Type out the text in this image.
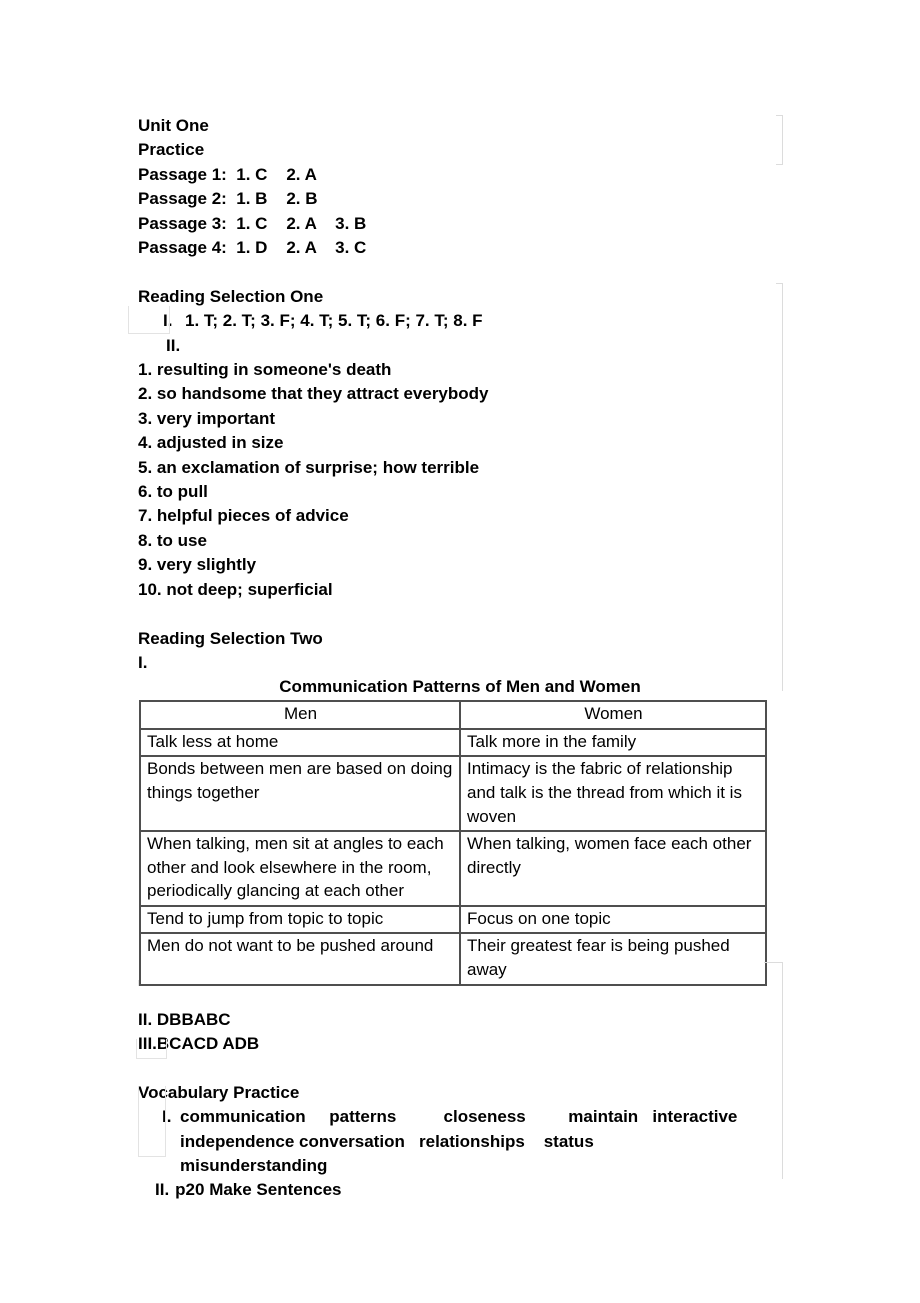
Unit One

Practice

Passage 1:  1. C    2. A

Passage 2:  1. B    2. B

Passage 3:  1. C    2. A    3. B

Passage 4:  1. D    2. A    3. C

Reading Selection One

I. 1. T; 2. T; 3. F; 4. T; 5. T; 6. F; 7. T; 8. F

II.

1. resulting in someone's death

2. so handsome that they attract everybody

3. very important

4. adjusted in size

5. an exclamation of surprise; how terrible

6. to pull

7. helpful pieces of advice

8. to use

9. very slightly

10. not deep; superficial

Reading Selection Two

I.

Communication Patterns of Men and Women

Men	Women
Talk less at home	Talk more in the family
Bonds between men are based on doing things together	Intimacy is the fabric of relationship and talk is the thread from which it is woven
When talking, men sit at angles to each other and look elsewhere in the room, periodically glancing at each other	When talking, women face each other directly
Tend to jump from topic to topic	Focus on one topic
Men do not want to be pushed around	Their greatest fear is being pushed away

II. DBBABC

III.BCACD ADB

Vocabulary Practice

I. communication     patterns          closeness         maintain   interactive

independence conversation   relationships    status

misunderstanding

II. p20 Make Sentences
